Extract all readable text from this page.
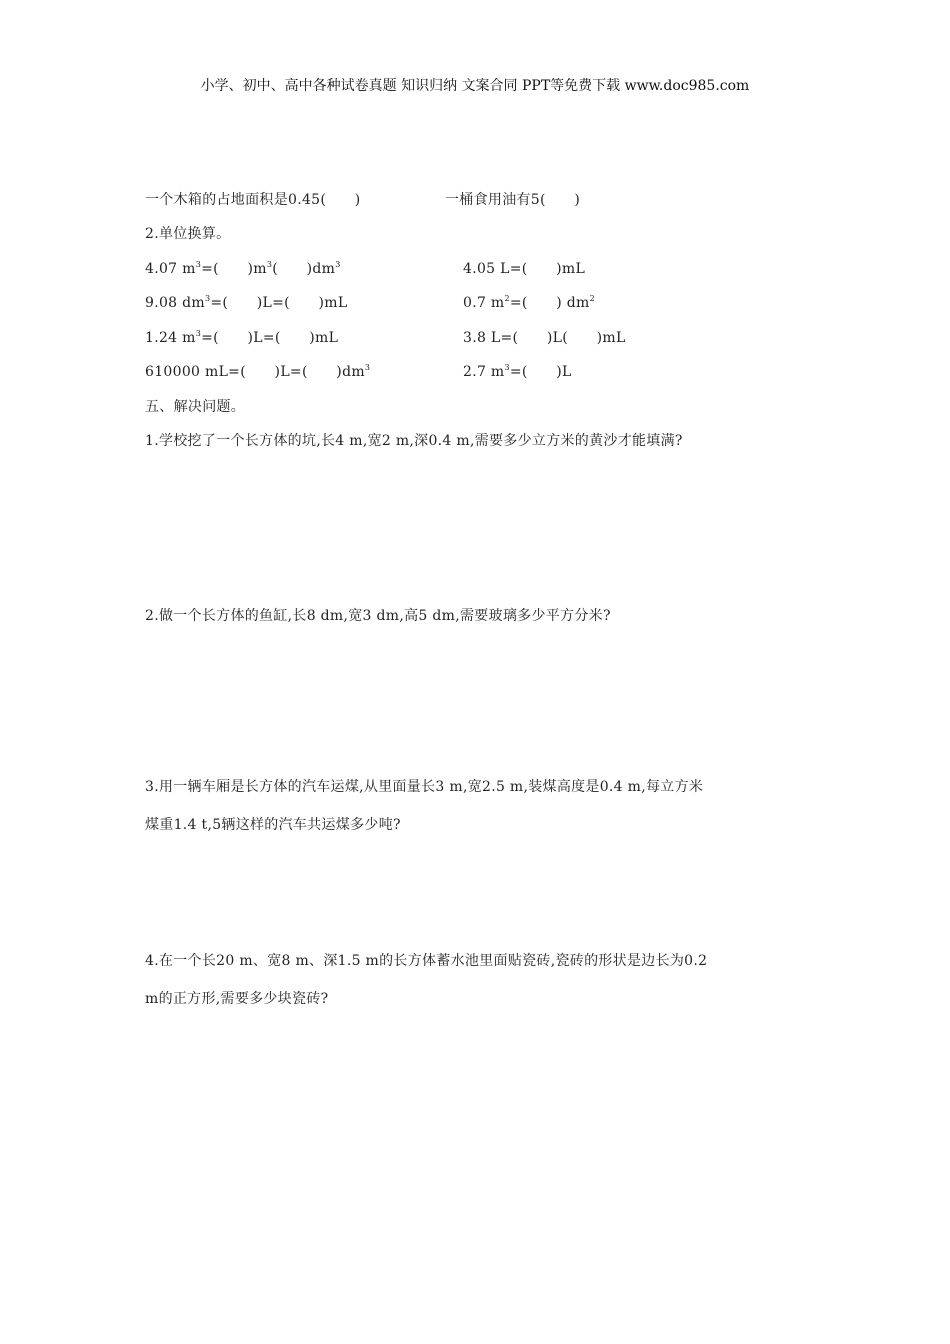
小学、初中、高中各种试卷真题 知识归纳 文案合同 PPT等免费下载 www.doc985.com
一个木箱的占地面积是0.45(　　)	一桶食用油有5(　　)
2.单位换算。
4.07 $m^3=$(　　)$m^3$(　　)$dm^3$	4.05 L=(　　)mL
9.08 $dm^3=$(　　)L=(　　)mL	0.7 $m^2=$(　　) $dm^2$
1.24 $m^3=$(　　)L=(　　)mL	3.8 L=(　　)L(　　)mL
610000 mL=(　　)L=(　　)$dm^3$	2.7 $m^3=$(　　)L
五、解决问题。
1.学校挖了一个长方体的坑,长4 m,宽2 m,深0.4 m,需要多少立方米的黄沙才能填满?
2.做一个长方体的鱼缸,长8 dm,宽3 dm,高5 dm,需要玻璃多少平方分米?
3.用一辆车厢是长方体的汽车运煤,从里面量长3 m,宽2.5 m,装煤高度是0.4 m,每立方米
煤重1.4 t,5辆这样的汽车共运煤多少吨?
4.在一个长20 m、宽8 m、深1.5 m的长方体蓄水池里面贴瓷砖,瓷砖的形状是边长为0.2
m的正方形,需要多少块瓷砖?
